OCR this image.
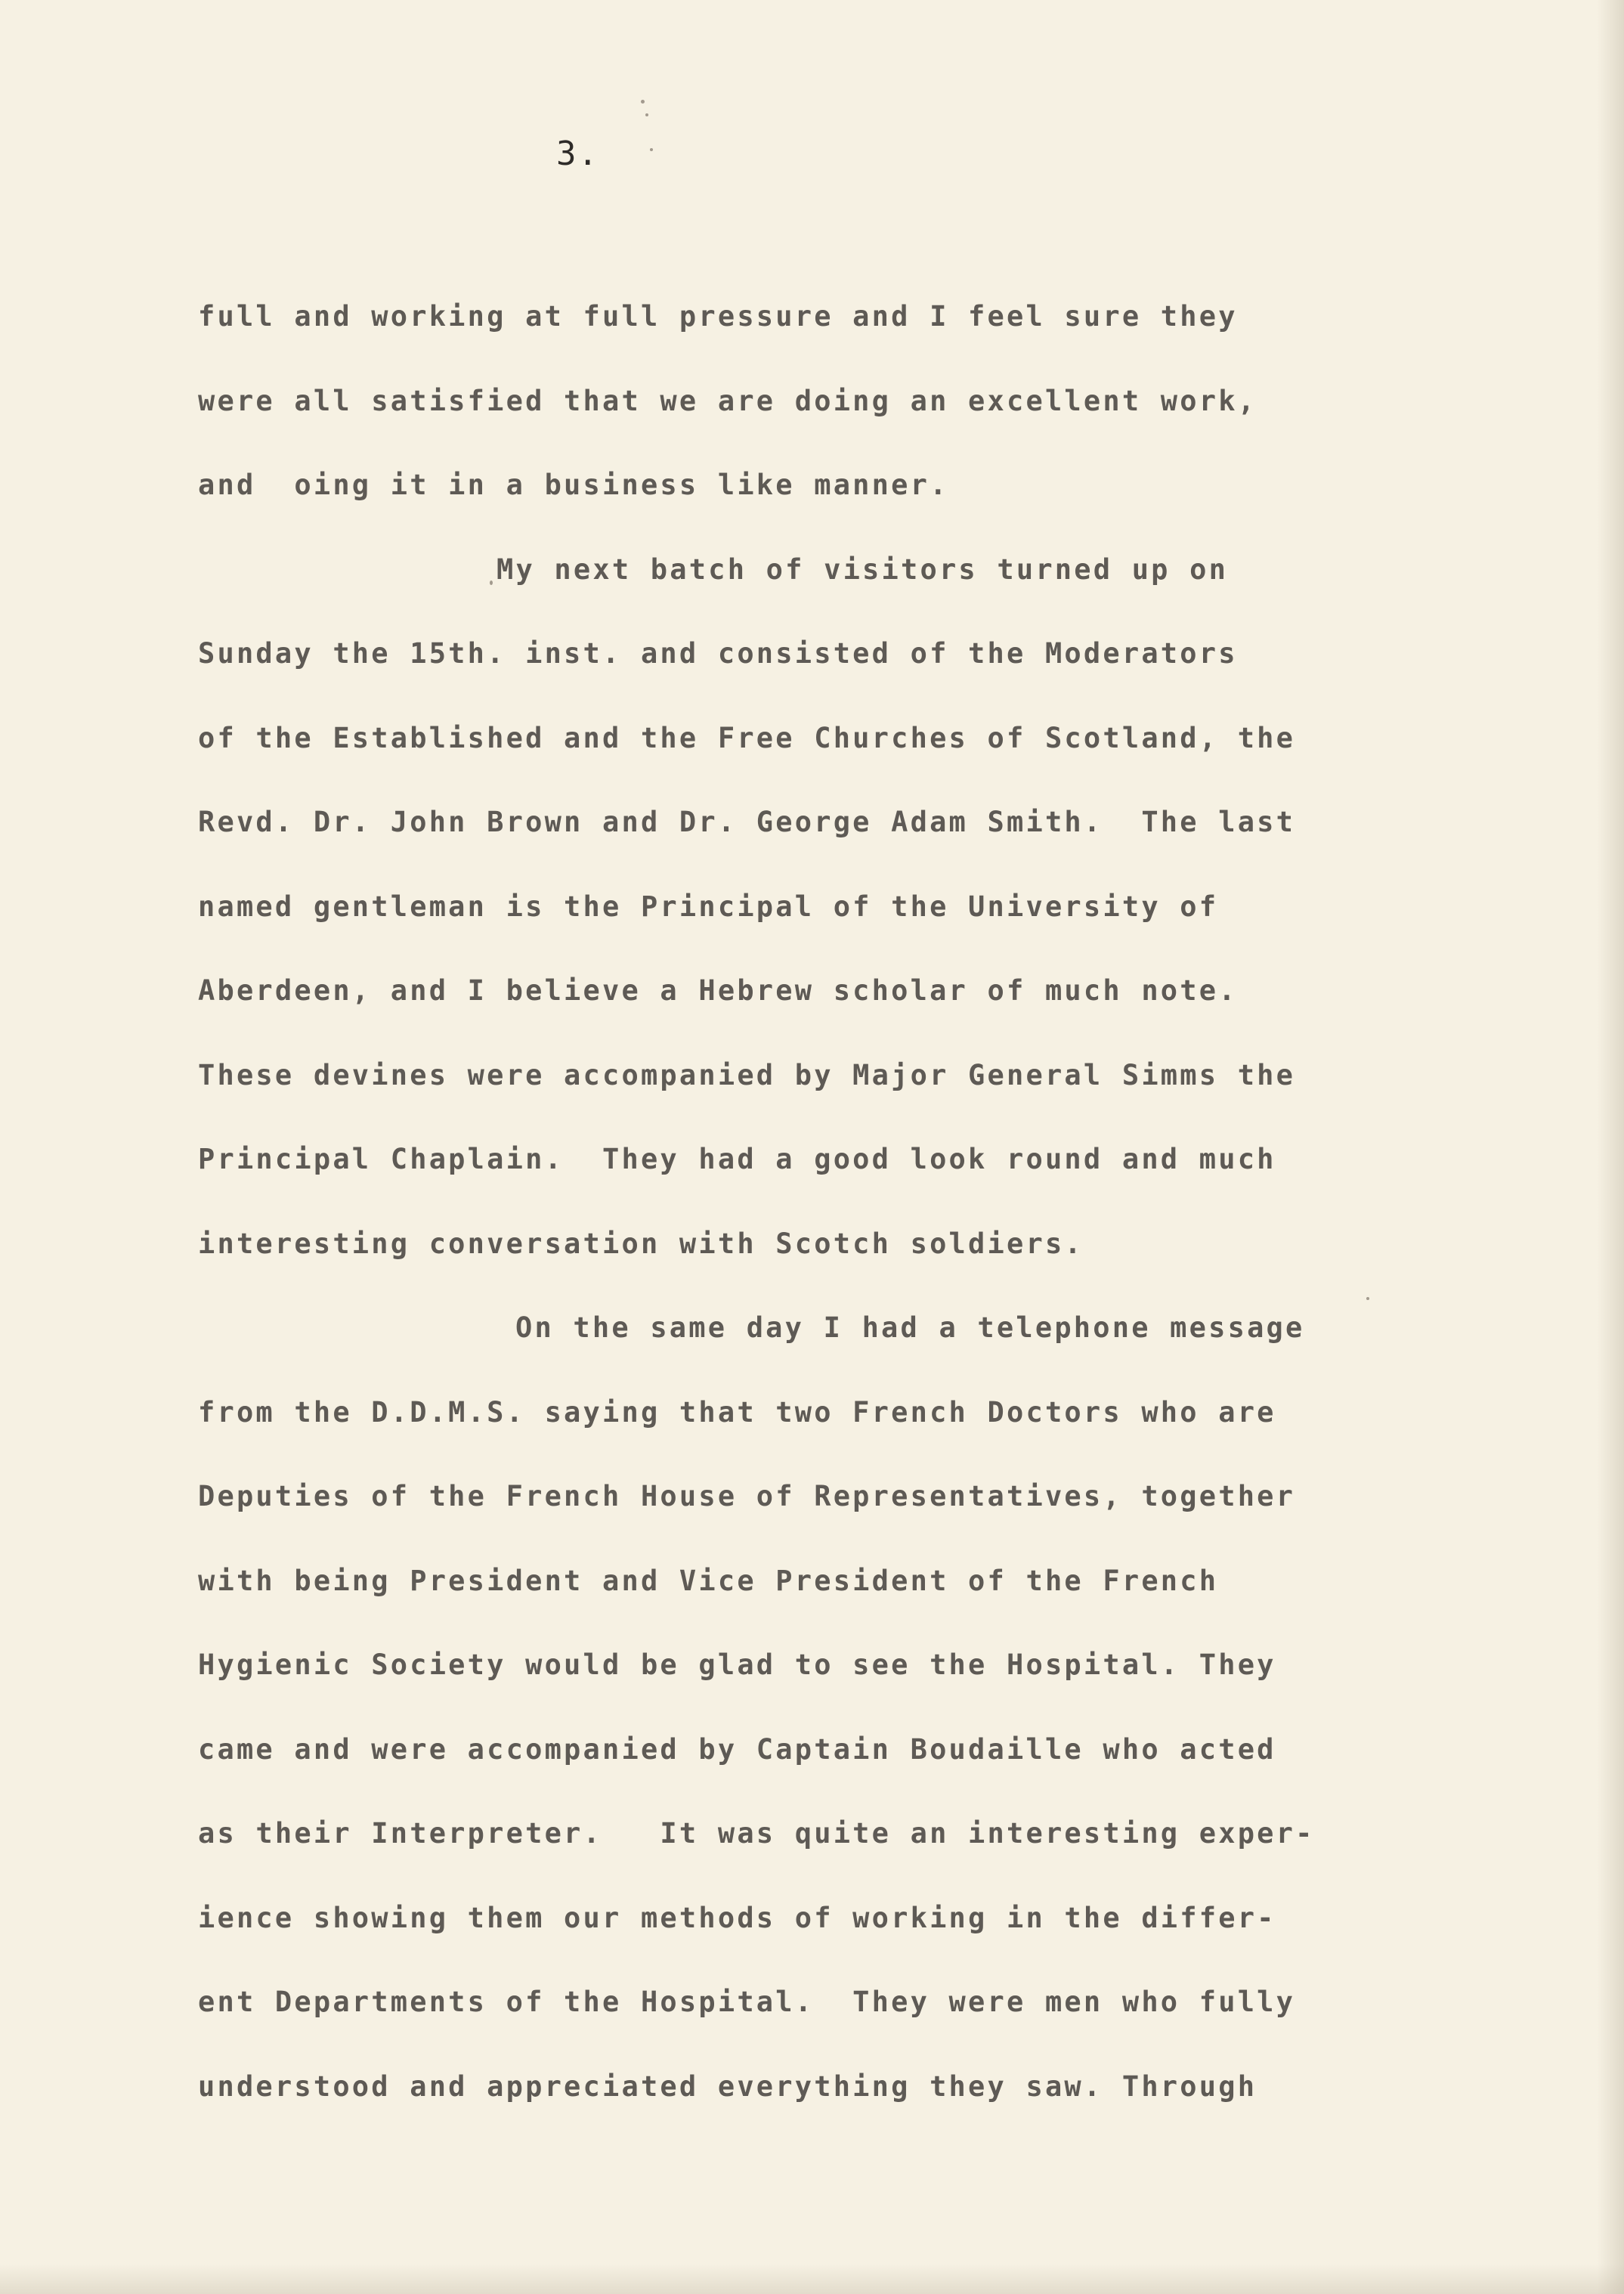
3.
full and working at full pressure and I feel sure they
were all satisfied that we are doing an excellent work,
and  oing it in a business like manner.
My next batch of visitors turned up on
Sunday the 15th. inst. and consisted of the Moderators
of the Established and the Free Churches of Scotland, the
Revd. Dr. John Brown and Dr. George Adam Smith.  The last
named gentleman is the Principal of the University of
Aberdeen, and I believe a Hebrew scholar of much note.
These devines were accompanied by Major General Simms the
Principal Chaplain.  They had a good look round and much
interesting conversation with Scotch soldiers.
On the same day I had a telephone message
from the D.D.M.S. saying that two French Doctors who are
Deputies of the French House of Representatives, together
with being President and Vice President of the French
Hygienic Society would be glad to see the Hospital. They
came and were accompanied by Captain Boudaille who acted
as their Interpreter.   It was quite an interesting exper-
ience showing them our methods of working in the differ-
ent Departments of the Hospital.  They were men who fully
understood and appreciated everything they saw. Through
